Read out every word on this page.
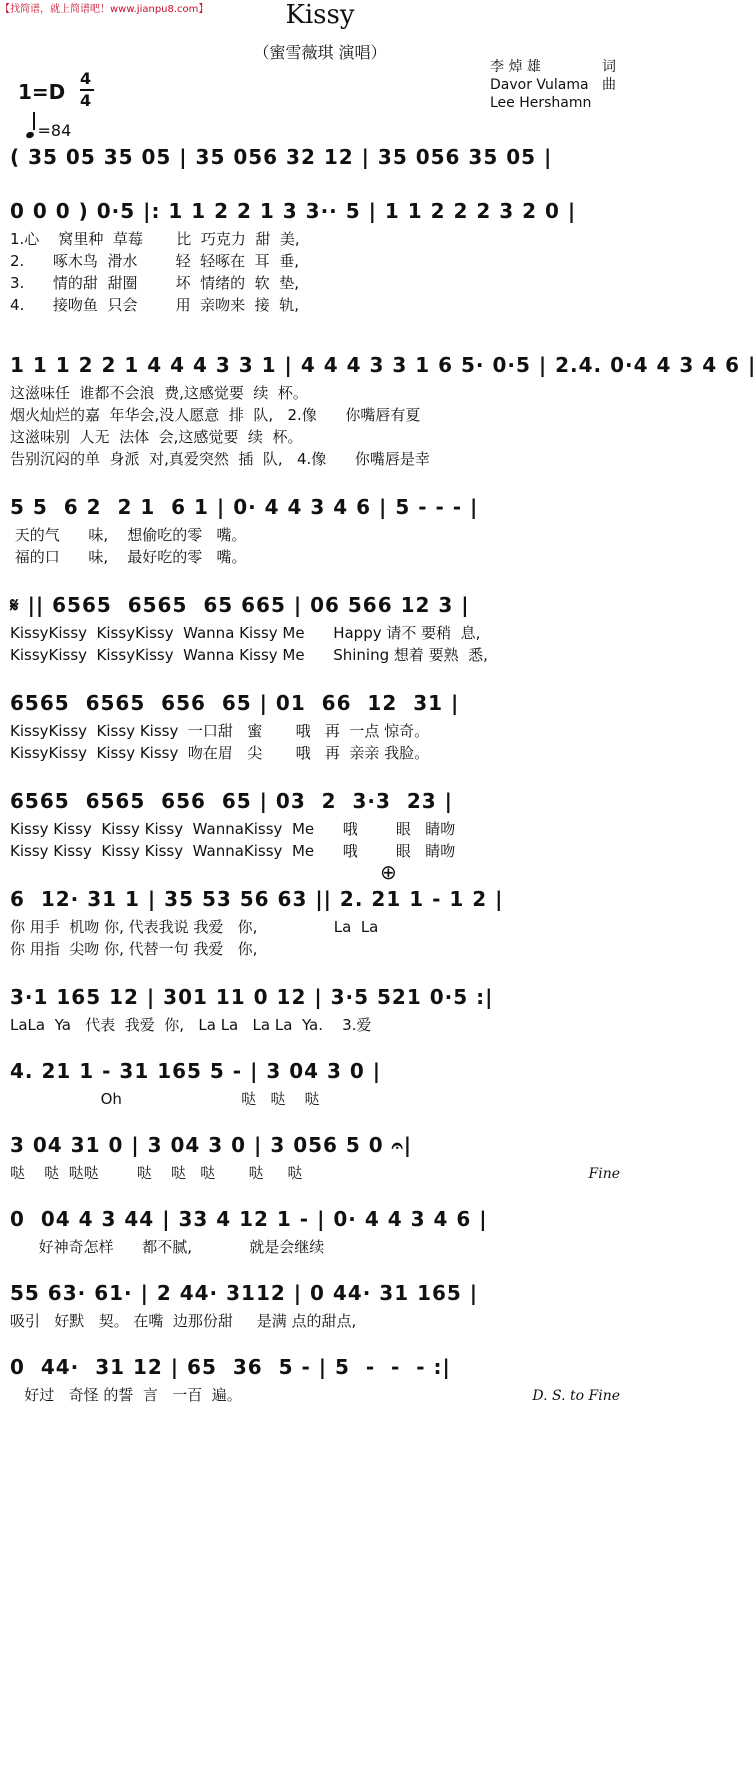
【找简谱，就上简谱吧！www.jianpu8.com】	Kissy
（蜜雪薇琪 演唱）
1=D
4
4
=84
李 焯 雄	词
Davor Vulama 曲
Lee Hershamn
( 35 05 35 05 | 35 056 32 12 | 35 056 35 05 |
0 0 0 ) 0·5 |: 1 1 2 2 1 3 3·· 5 | 1 1 2 2 2 3 2 0 |
1.心    窝里种  草莓       比  巧克力  甜  美,
2.      啄木鸟  滑水        轻  轻啄在  耳  垂,
3.      情的甜  甜圈        坏  情绪的  软  垫,
4.      接吻鱼  只会        用  亲吻来  接  轨,
1 1 1 2 2 1 4 4 4 3 3 1 | 4 4 4 3 3 1 6 5· 0·5 | 2.4. 0·4 4 3 4 6 |
这滋味任  谁都不会浪  费,这感觉要  续  杯。
烟火灿烂的嘉  年华会,没人愿意  排  队,   2.像      你嘴唇有夏
这滋味别  人无  法体  会,这感觉要  续  杯。
告别沉闷的单  身派  对,真爱突然  插  队,   4.像      你嘴唇是幸
5 5  6 2  2 1  6 1 | 0· 4 4 3 4 6 | 5 - - - |
天的气      味,    想偷吃的零   嘴。
福的口      味,    最好吃的零   嘴。
𝄋 || 6565  6565  65 665 | 06 566 12 3 |
KissyKissy  KissyKissy  Wanna Kissy Me      Happy 请不 要稍  息,
KissyKissy  KissyKissy  Wanna Kissy Me      Shining 想着 要熟  悉,
6565  6565  656  65 | 01  66  12  31 |
KissyKissy  Kissy Kissy  一口甜   蜜       哦   再  一点 惊奇。
KissyKissy  Kissy Kissy  吻在眉   尖       哦   再  亲亲 我脸。
6565  6565  656  65 | 03  2  3·3  23 |
Kissy Kissy  Kissy Kissy  WannaKissy  Me      哦        眼   睛吻
Kissy Kissy  Kissy Kissy  WannaKissy  Me      哦        眼   睛吻
6  12· 31 1 | 35 53 56 63 || 2. 21 1 - 1 2 |
你 用手  机吻 你, 代表我说 我爱   你,                La  La
你 用指  尖吻 你, 代替一句 我爱   你,
⊕
3·1 165 12 | 301 11 0 12 | 3·5 521 0·5 :|
LaLa  Ya   代表  我爱  你,   La La   La La  Ya.    3.爱
4. 21 1 - 31 165 5 - | 3 04 3 0 |
Oh                         哒   哒    哒
3 04 31 0 | 3 04 3 0 | 3 056 5 0 𝄐|
哒    哒  哒哒        哒    哒   哒       哒     哒	Fine
0  04 4 3 44 | 33 4 12 1 - | 0· 4 4 3 4 6 |
好神奇怎样      都不腻,            就是会继续
55 63· 61· | 2 44· 3112 | 0 44· 31 165 |
吸引   好默   契。 在嘴  边那份甜     是满 点的甜点,
0  44·  31 12 | 65  36  5 - | 5  -  -  - :|
好过   奇怪 的誓  言   一百  遍。	D. S. to Fine
